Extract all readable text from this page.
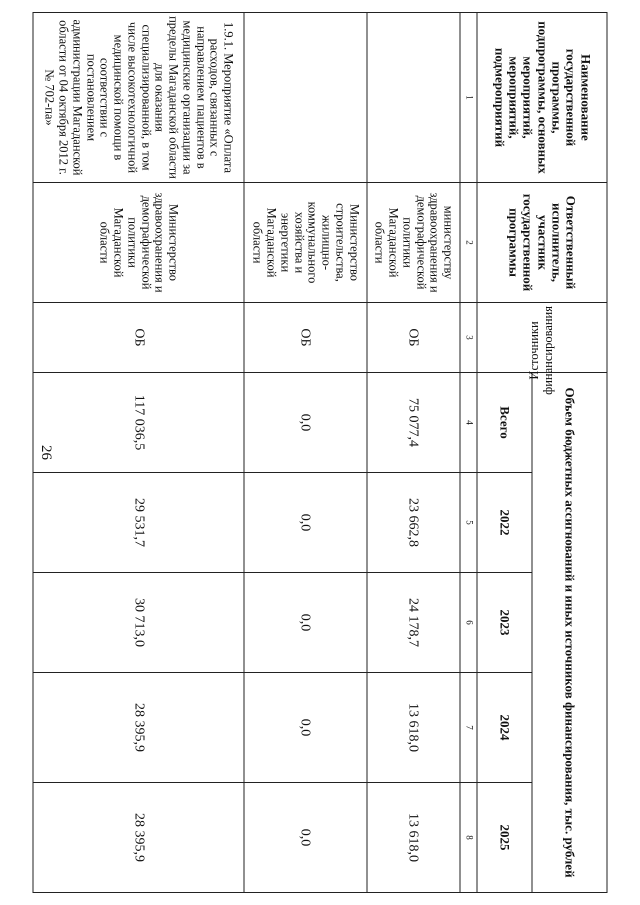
26
Наименование государственной программы, подпрограммы, основных мероприятий, мероприятий, подмероприятий	Ответственный исполнитель, участник государственной программы	Источники финансирования	Объем бюджетных ассигнований и иных источников финансирования, тыс. рублей				
			Всего	2022	2023	2024	2025
1	2	3	4	5	6	7	8
	министерству здравоохранения и демографической политики Магаданской области	ОБ	75 077,4	23 662,8	24 178,7	13 618,0	13 618,0
	Министерство строительства, жилищно-коммунального хозяйства и энергетики Магаданской области	ОБ	0,0	0,0	0,0	0,0	0,0
1.9.1. Мероприятие «Оплата расходов, связанных с направлением пациентов в медицинские организации за пределы Магаданской области для оказания специализированной, в том числе высокотехнологичной медицинской помощи в соответствии с постановлением администрации Магаданской области от 04 октября 2012 г. № 702-па»	Министерство здравоохранения и демографической политики Магаданской области	ОБ	117 036,5	29 531,7	30 713,0	28 395,9	28 395,9
